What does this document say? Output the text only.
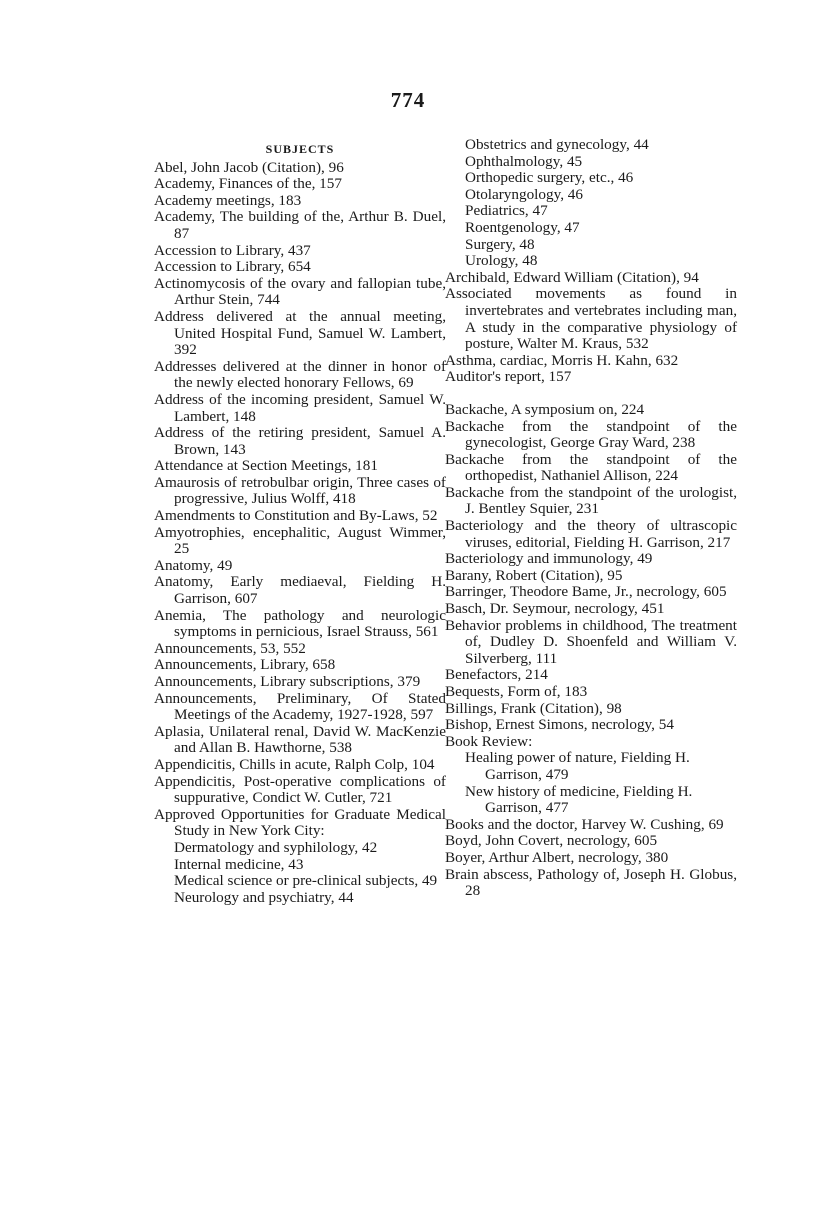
774
SUBJECTS
Abel, John Jacob (Citation), 96
Academy, Finances of the, 157
Academy meetings, 183
Academy, The building of the, Arthur B. Duel, 87
Accession to Library, 437
Accession to Library, 654
Actinomycosis of the ovary and fallopian tube, Arthur Stein, 744
Address delivered at the annual meeting, United Hospital Fund, Samuel W. Lambert, 392
Addresses delivered at the dinner in honor of the newly elected honorary Fellows, 69
Address of the incoming president, Samuel W. Lambert, 148
Address of the retiring president, Samuel A. Brown, 143
Attendance at Section Meetings, 181
Amaurosis of retrobulbar origin, Three cases of progressive, Julius Wolff, 418
Amendments to Constitution and By-Laws, 52
Amyotrophies, encephalitic, August Wimmer, 25
Anatomy, 49
Anatomy, Early mediaeval, Fielding H. Garrison, 607
Anemia, The pathology and neurologic symptoms in pernicious, Israel Strauss, 561
Announcements, 53, 552
Announcements, Library, 658
Announcements, Library subscriptions, 379
Announcements, Preliminary, Of Stated Meetings of the Academy, 1927-1928, 597
Aplasia, Unilateral renal, David W. MacKenzie and Allan B. Hawthorne, 538
Appendicitis, Chills in acute, Ralph Colp, 104
Appendicitis, Post-operative complications of suppurative, Condict W. Cutler, 721
Approved Opportunities for Graduate Medical Study in New York City:
Dermatology and syphilology, 42
Internal medicine, 43
Medical science or pre-clinical subjects, 49
Neurology and psychiatry, 44
Obstetrics and gynecology, 44
Ophthalmology, 45
Orthopedic surgery, etc., 46
Otolaryngology, 46
Pediatrics, 47
Roentgenology, 47
Surgery, 48
Urology, 48
Archibald, Edward William (Citation), 94
Associated movements as found in invertebrates and vertebrates including man, A study in the comparative physiology of posture, Walter M. Kraus, 532
Asthma, cardiac, Morris H. Kahn, 632
Auditor's report, 157
Backache, A symposium on, 224
Backache from the standpoint of the gynecologist, George Gray Ward, 238
Backache from the standpoint of the orthopedist, Nathaniel Allison, 224
Backache from the standpoint of the urologist, J. Bentley Squier, 231
Bacteriology and the theory of ultrascopic viruses, editorial, Fielding H. Garrison, 217
Bacteriology and immunology, 49
Barany, Robert (Citation), 95
Barringer, Theodore Bame, Jr., necrology, 605
Basch, Dr. Seymour, necrology, 451
Behavior problems in childhood, The treatment of, Dudley D. Shoenfeld and William V. Silverberg, 111
Benefactors, 214
Bequests, Form of, 183
Billings, Frank (Citation), 98
Bishop, Ernest Simons, necrology, 54
Book Review:
Healing power of nature, Fielding H. Garrison, 479
New history of medicine, Fielding H. Garrison, 477
Books and the doctor, Harvey W. Cushing, 69
Boyd, John Covert, necrology, 605
Boyer, Arthur Albert, necrology, 380
Brain abscess, Pathology of, Joseph H. Globus, 28
